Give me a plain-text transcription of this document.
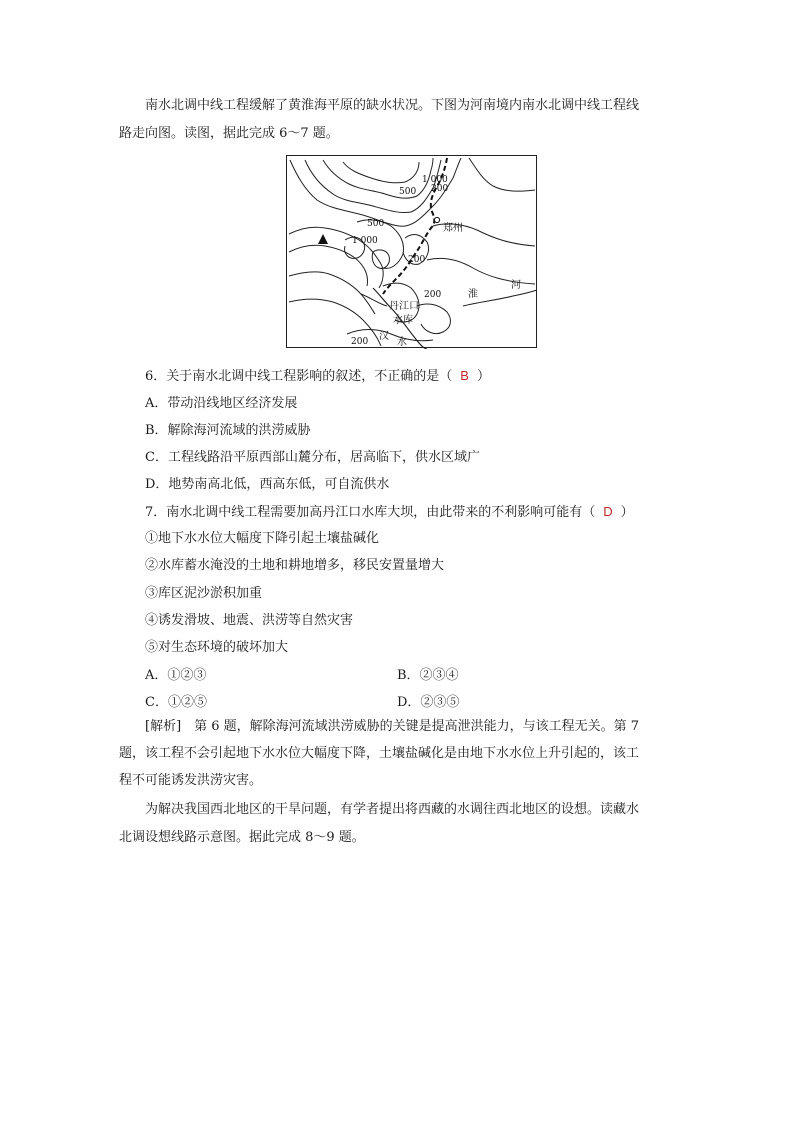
南水北调中线工程缓解了黄淮海平原的缺水状况。下图为河南境内南水北调中线工程线
路走向图。读图，据此完成 6～7 题。
1 000
500 200
500
1 000
郑州
200
200	淮
河
丹江口
水库
200 汉
水
6．关于南水北调中线工程影响的叙述，不正确的是（ B ）
A．带动沿线地区经济发展
B．解除海河流域的洪涝威胁
C．工程线路沿平原西部山麓分布，居高临下，供水区域广
D．地势南高北低，西高东低，可自流供水
7．南水北调中线工程需要加高丹江口水库大坝，由此带来的不利影响可能有（ D ）
①地下水水位大幅度下降引起土壤盐碱化
②水库蓄水淹没的土地和耕地增多，移民安置量增大
③库区泥沙淤积加重
④诱发滑坡、地震、洪涝等自然灾害
⑤对生态环境的破坏加大
A．①②③	B．②③④
C．①②⑤	D．②③⑤
[解析]　第 6 题，解除海河流域洪涝威胁的关键是提高泄洪能力，与该工程无关。第 7
题，该工程不会引起地下水水位大幅度下降，土壤盐碱化是由地下水水位上升引起的，该工
程不可能诱发洪涝灾害。
为解决我国西北地区的干旱问题，有学者提出将西藏的水调往西北地区的设想。读藏水
北调设想线路示意图。据此完成 8～9 题。
